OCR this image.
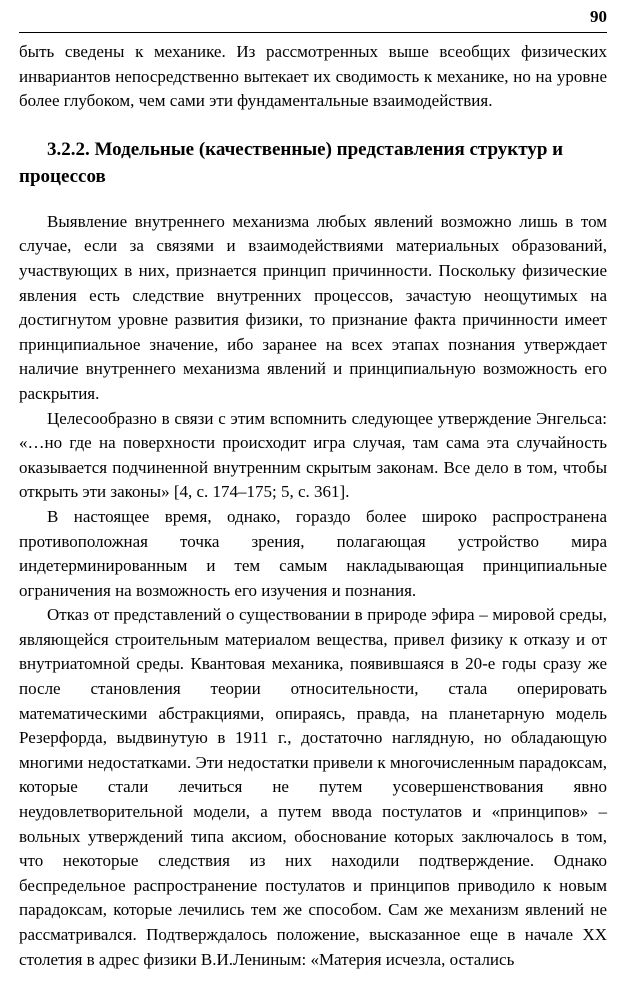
90

быть сведены к механике. Из рассмотренных выше всеобщих физических инвариантов непосредственно вытекает их сводимость к механике, но на уровне более глубоком, чем сами эти фундаментальные взаимодействия.

3.2.2. Модельные (качественные) представления структур и процессов

Выявление внутреннего механизма любых явлений возможно лишь в том случае, если за связями и взаимодействиями материальных образований, участвующих в них, признается принцип причинности. Поскольку физические явления есть следствие внутренних процессов, зачастую неощутимых на достигнутом уровне развития физики, то признание факта причинности имеет принципиальное значение, ибо заранее на всех этапах познания утверждает наличие внутреннего механизма явлений и принципиальную возможность его раскрытия.

Целесообразно в связи с этим вспомнить следующее утверждение Энгельса: «…но где на поверхности происходит игра случая, там сама эта случайность оказывается подчиненной внутренним скрытым законам. Все дело в том, чтобы открыть эти законы» [4, с. 174–175; 5, с. 361].

В настоящее время, однако, гораздо более широко распространена противоположная точка зрения, полагающая устройство мира индетерминированным и тем самым накладывающая принципиальные ограничения на возможность его изучения и познания.

Отказ от представлений о существовании в природе эфира – мировой среды, являющейся строительным материалом вещества, привел физику к отказу и от внутриатомной среды. Квантовая механика, появившаяся в 20-е годы сразу же после становления теории относительности, стала оперировать математическими абстракциями, опираясь, правда, на планетарную модель Резерфорда, выдвинутую в 1911 г., достаточно наглядную, но обладающую многими недостатками. Эти недостатки привели к многочисленным парадоксам, которые стали лечиться не путем усовершенствования явно неудовлетворительной модели, а путем ввода постулатов и «принципов» – вольных утверждений типа аксиом, обоснование которых заключалось в том, что некоторые следствия из них находили подтверждение. Однако беспредельное распространение постулатов и принципов приводило к новым парадоксам, которые лечились тем же способом. Сам же механизм явлений не рассматривался. Подтверждалось положение, высказанное еще в начале XX столетия в адрес физики В.И.Лениным: «Материя исчезла, остались
